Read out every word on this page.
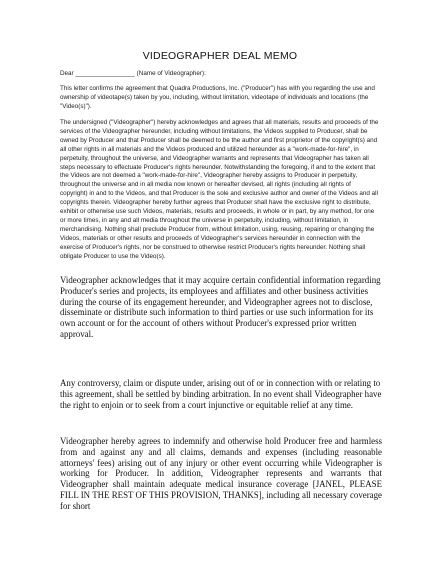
VIDEOGRAPHER DEAL MEMO
Dear _________________ (Name of Videographer):
This letter confirms the agreement that Quadra Productions, Inc. ("Producer") has with you regarding the use and ownership of videotape(s) taken by you, including, without limitation, videotape of individuals and locations (the "Video(s)").
The undersigned ("Videographer") hereby acknowledges and agrees that all materials, results and proceeds of the services of the Videographer hereunder, including without limitations, the Videos supplied to Producer, shall be owned by Producer and that Producer shall be deemed to be the author and first proprietor of the copyright(s) and all other rights in all materials and the Videos produced and utilized hereunder as a "work-made-for-hire", in perpetuity, throughout the universe, and Videographer warrants and represents that Videographer has taken all steps necessary to effectuate Producer's rights hereunder. Notwithstanding the foregoing, if and to the extent that the Videos are not deemed a "work-made-for-hire", Videographer hereby assigns to Producer in perpetuity, throughout the universe and in all media now known or hereafter devised, all rights (including all rights of copyright) in and to the Videos, and that Producer is the sole and exclusive author and owner of the Videos and all copyrights therein. Videographer hereby further agrees that Producer shall have the exclusive right to distribute, exhibit or otherwise use such Videos, materials, results and proceeds, in whole or in part, by any method, for one or more times, in any and all media throughout the universe in perpetuity, including, without limitation, in merchandising. Nothing shall preclude Producer from, without limitation, using, reusing, repairing or changing the Videos, materials or other results and proceeds of Videographer's services hereunder in connection with the exercise of Producer's rights, nor be construed to otherwise restrict Producer's rights hereunder. Nothing shall obligate Producer to use the Video(s).
Videographer acknowledges that it may acquire certain confidential information regarding Producer's series and projects, its employees and affiliates and other business activities during the course of its engagement hereunder, and Videographer agrees not to disclose, disseminate or distribute such information to third parties or use such information for its own account or for the account of others without Producer's expressed prior written approval.
Any controversy, claim or dispute under, arising out of or in connection with or relating to this agreement, shall be settled by binding arbitration. In no event shall Videographer have the right to enjoin or to seek from a court injunctive or equitable relief at any time.
Videographer hereby agrees to indemnify and otherwise hold Producer free and harmless from and against any and all claims, demands and expenses (including reasonable attorneys' fees) arising out of any injury or other event occurring while Videographer is working for Producer. In addition, Videographer represents and warrants that Videographer shall maintain adequate medical insurance coverage [JANEL, PLEASE FILL IN THE REST OF THIS PROVISION, THANKS], including all necessary coverage for short
